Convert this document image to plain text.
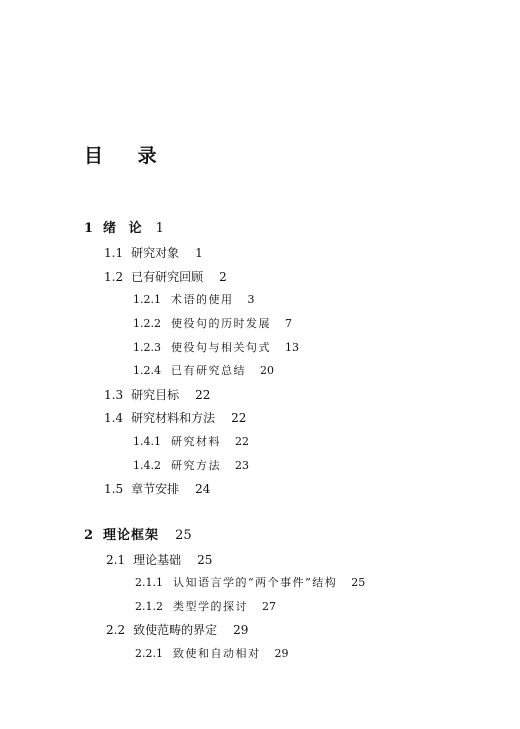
目 录
1 绪 论 1
1.1 研究对象 1
1.2 已有研究回顾 2
1.2.1 术语的使用 3
1.2.2 使役句的历时发展 7
1.2.3 使役句与相关句式 13
1.2.4 已有研究总结 20
1.3 研究目标 22
1.4 研究材料和方法 22
1.4.1 研究材料 22
1.4.2 研究方法 23
1.5 章节安排 24
2 理论框架 25
2.1 理论基础 25
2.1.1 认知语言学的“两个事件”结构 25
2.1.2 类型学的探讨 27
2.2 致使范畴的界定 29
2.2.1 致使和自动相对 29
